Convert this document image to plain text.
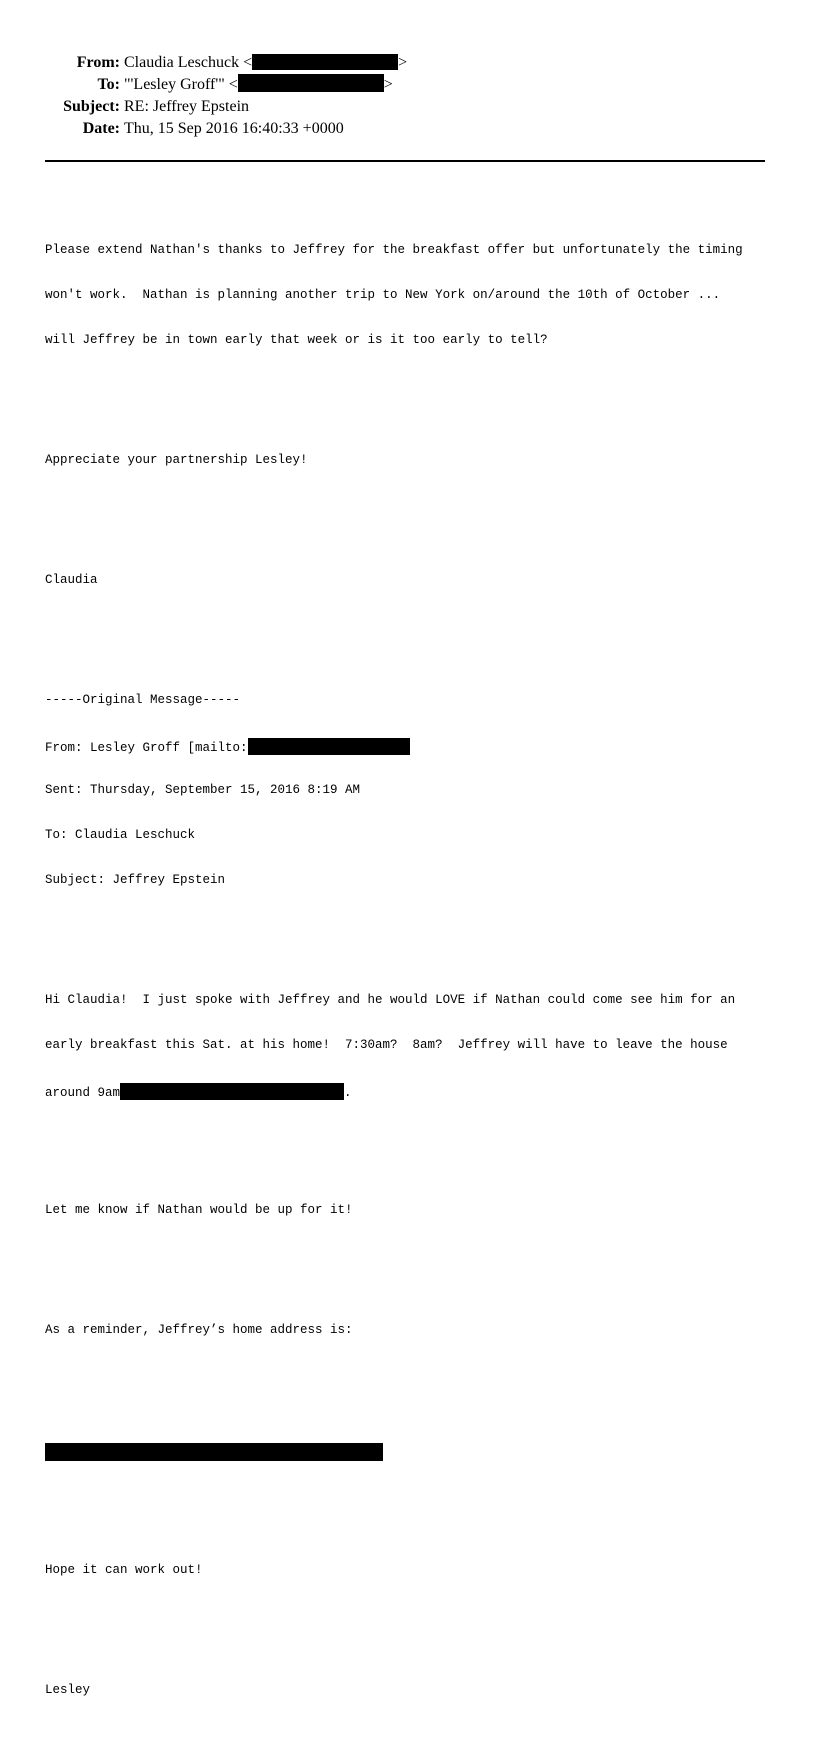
From: Claudia Leschuck <	>
To: "'Lesley Groff'" <	>
Subject: RE: Jeffrey Epstein
Date: Thu, 15 Sep 2016 16:40:33 +0000

Please extend Nathan's thanks to Jeffrey for the breakfast offer but unfortunately the timing

won't work.  Nathan is planning another trip to New York on/around the 10th of October ...

will Jeffrey be in town early that week or is it too early to tell?

Appreciate your partnership Lesley!

Claudia

-----Original Message-----

From: Lesley Groff [mailto:

Sent: Thursday, September 15, 2016 8:19 AM

To: Claudia Leschuck

Subject: Jeffrey Epstein

Hi Claudia!  I just spoke with Jeffrey and he would LOVE if Nathan could come see him for an

early breakfast this Sat. at his home!  7:30am?  8am?  Jeffrey will have to leave the house

around 9am	.

Let me know if Nathan would be up for it!

As a reminder, Jeffrey’s home address is:

Hope it can work out!

Lesley
